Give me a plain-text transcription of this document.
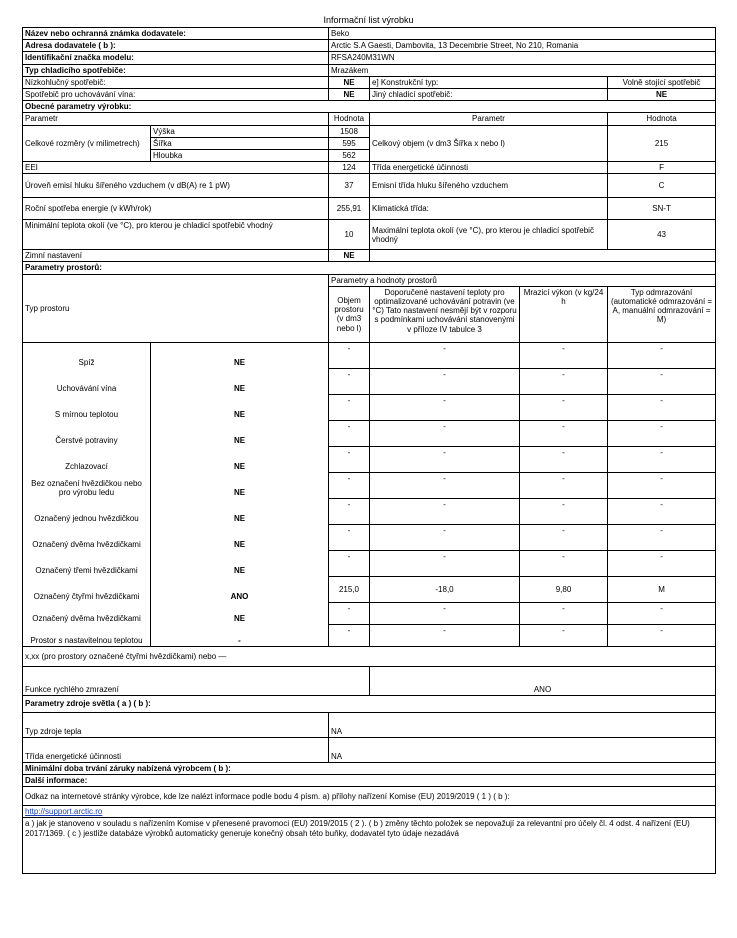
Informační list výrobku
Název nebo ochranná známka dodavatele:		Beko			
Adresa dodavatele ( b ):		Arctic S.A Gaesti, Dambovita, 13 Decembrie Street, No 210, Romania			
Identifikační značka modelu:		RFSA240M31WN			
Typ chladicího spotřebiče:		Mrazákem			
Nízkohlučný spotřebič:		NE	e] Konstrukční typ:		Volně stojící spotřebič
Spotřebič pro uchovávání vína:		NE	Jiný chladicí spotřebič:		NE
Obecné parametry výrobku:					
Parametr		Hodnota	Parametr		Hodnota
Celkové rozměry (v milimetrech)	Výška	1508	Celkový objem (v dm3 Šířka x nebo l)		215
	Šířka	595			
	Hloubka	562			
EEI		124	Třída energetické účinnosti		F
Úroveň emisí hluku šířeného vzduchem (v dB(A) re 1 pW)		37	Emisní třída hluku šířeného vzduchem		C
Roční spotřeba energie (v kWh/rok)		255,91	Klimatická třída:		SN-T
Minimální teplota okolí (ve °C), pro kterou je chladicí spotřebič vhodný		10	Maximální teplota okolí (ve °C), pro kterou je chladicí spotřebič vhodný		43
Zimní nastavení		NE			
Parametry prostorů:					
Typ prostoru		Parametry a hodnoty prostorů			
		Objem prostoru (v dm3 nebo l)	Doporučené nastavení teploty pro optimalizované uchovávání potravin (ve °C) Tato nastavení nesmějí být v rozporu s podmínkami uchovávání stanovenými v příloze IV tabulce 3	Mrazicí výkon (v kg/24 h	Typ odmrazování (automatické odmrazování = A, manuální odmrazování = M)
Spíž	NE	-	-	-	-
Uchovávání vína	NE	-	-	-	-
S mírnou teplotou	NE	-	-	-	-
Čerstvé potraviny	NE	-	-	-	-
Zchlazovací	NE	-	-	-	-
Bez označení hvězdičkou nebo pro výrobu ledu	NE	-	-	-	-
Označený jednou hvězdičkou	NE	-	-	-	-
Označený dvěma hvězdičkami	NE	-	-	-	-
Označený třemi hvězdičkami	NE	-	-	-	-
Označený čtyřmi hvězdičkami	ANO	215,0	-18,0	9,80	M
Označený dvěma hvězdičkami	NE	-	-	-	-
Prostor s nastavitelnou teplotou	-	-	-	-	-
x,xx (pro prostory označené čtyřmi hvězdičkami) nebo —					
Funkce rychlého zmrazení			ANO		
Parametry zdroje světla ( a ) ( b ):					
Typ zdroje tepla		NA			
Třída energetické účinnosti		NA			
Minimální doba trvání záruky nabízená výrobcem ( b ):					
Další informace:					
Odkaz na internetové stránky výrobce, kde lze nalézt informace podle bodu 4 písm. a) přílohy nařízení Komise (EU) 2019/2019 ( 1 ) ( b ):					
http://support.arctic.ro					
a ) jak je stanoveno v souladu s nařízením Komise v přenesené pravomoci (EU) 2019/2015 ( 2 ). ( b ) změny těchto položek se nepovažují za relevantní pro účely čl. 4 odst. 4 nařízení (EU) 2017/1369. ( c ) jestliže databáze výrobků automaticky generuje konečný obsah této buňky, dodavatel tyto údaje nezadává					
